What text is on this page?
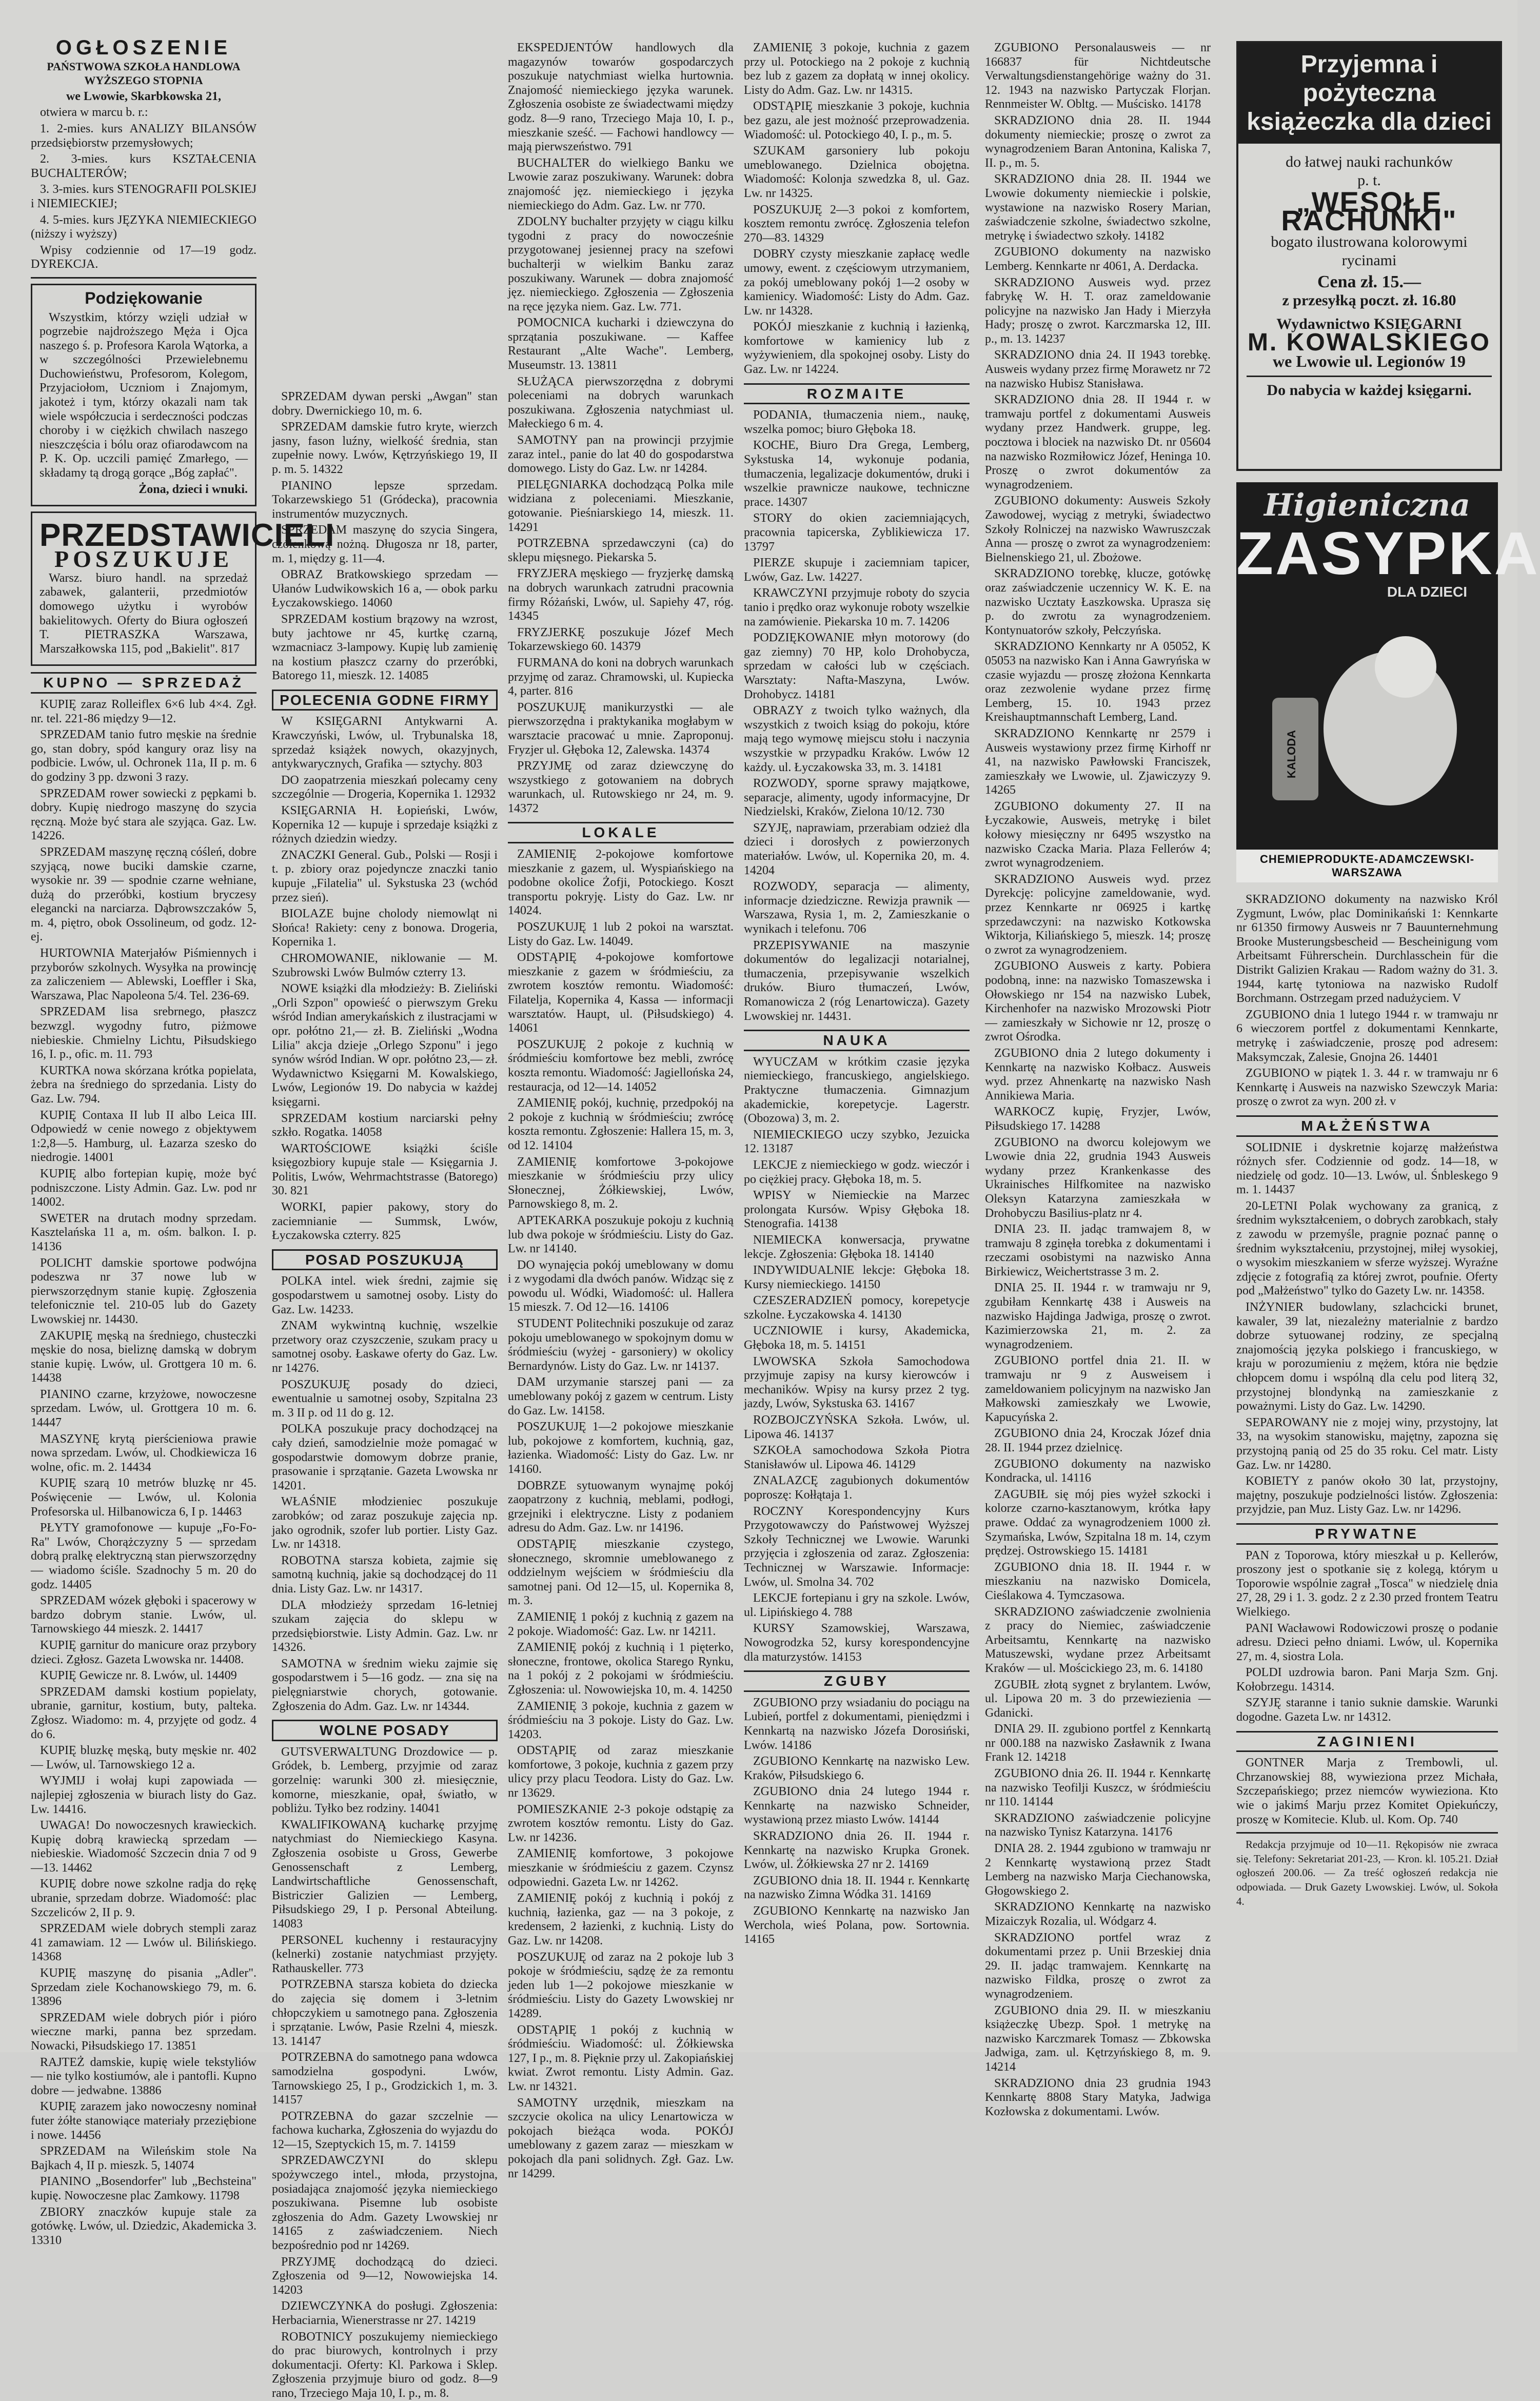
OGŁOSZENIE

PAŃSTWOWA SZKOŁA HANDLOWA WYŻSZEGO STOPNIA

we Lwowie, Skarbkowska 21,

otwiera w marcu b. r.:

1. 2-mies. kurs ANALIZY BILANSÓW przedsiębiorstw przemysłowych;

2. 3-mies. kurs KSZTAŁCENIA BUCHALTERÓW;

3. 3-mies. kurs STENOGRAFII POLSKIEJ i NIEMIECKIEJ;

4. 5-mies. kurs JĘZYKA NIEMIECKIEGO (niższy i wyższy)

Wpisy codziennie od 17—19 godz. DYREKCJA.

Podziękowanie

Wszystkim, którzy wzięli udział w pogrzebie najdroższego Męża i Ojca naszego ś. p. Profesora Karola Wątorka, a w szczególności Przewielebnemu Duchowieństwu, Profesorom, Kolegom, Przyjaciołom, Uczniom i Znajomym, jakoteż i tym, którzy okazali nam tak wiele współczucia i serdeczności podczas choroby i w ciężkich chwilach naszego nieszczęścia i bólu oraz ofiarodawcom na P. K. Op. uczcili pamięć Zmarłego, — składamy tą drogą gorące „Bóg zapłać".

Żona, dzieci i wnuki.

PRZEDSTAWICIELI
POSZUKUJE

Warsz. biuro handl. na sprzedaż zabawek, galanterii, przedmiotów domowego użytku i wyrobów bakielitowych. Oferty do Biura ogłoszeń T. PIETRASZKA Warszawa, Marszałkowska 115, pod „Bakielit". 817

KUPNO — SPRZEDAŻ

KUPIĘ zaraz Rolleiflex 6×6 lub 4×4. Zgł. nr. tel. 221-86 między 9—12.

SPRZEDAM tanio futro męskie na średnie go, stan dobry, spód kangury oraz lisy na podbicie. Lwów, ul. Ochronek 11a, II p. m. 6 do godziny 3 pp. dzwoni 3 razy.

SPRZEDAM rower sowiecki z pępkami b. dobry. Kupię niedrogo maszynę do szycia ręczną. Może być stara ale szyjąca. Gaz. Lw. 14226.

SPRZEDAM maszynę ręczną cóśleń, dobre szyjącą, nowe buciki damskie czarne, wysokie nr. 39 — spodnie czarne wełniane, dużą do przeróbki, kostium bryczesy elegancki na narciarza. Dąbrowszczaków 5, m. 4, piętro, obok Ossolineum, od godz. 12-ej.

HURTOWNIA Materjałów Piśmiennych i przyborów szkolnych. Wysyłka na prowincję za zaliczeniem — Ablewski, Loeffler i Ska, Warszawa, Plac Napoleona 5/4. Tel. 236-69.

SPRZEDAM lisa srebrnego, płaszcz bezwzgl. wygodny futro, piżmowe niebieskie. Chmielny Lichtu, Piłsudskiego 16, I. p., ofic. m. 11. 793

KURTKA nowa skórzana krótka popielata, żebra na średniego do sprzedania. Listy do Gaz. Lw. 794.

KUPIĘ Contaxa II lub II albo Leica III. Odpowiedź w cenie nowego z objektywem 1:2,8—5. Hamburg, ul. Łazarza szesko do niedrogie. 14001

KUPIĘ albo fortepian kupię, może być podniszczone. Listy Admin. Gaz. Lw. pod nr 14002.

SWETER na drutach modny sprzedam. Kasztelańska 11 a, m. ośm. balkon. I. p. 14136

POLICHT damskie sportowe podwójna podeszwa nr 37 nowe lub w pierwszorzędnym stanie kupię. Zgłoszenia telefonicznie tel. 210-05 lub do Gazety Lwowskiej nr. 14430.

ZAKUPIĘ męską na średniego, chusteczki męskie do nosa, bieliznę damską w dobrym stanie kupię. Lwów, ul. Grottgera 10 m. 6. 14438

PIANINO czarne, krzyżowe, nowoczesne sprzedam. Lwów, ul. Grottgera 10 m. 6. 14447

MASZYNĘ krytą pierścieniowa prawie nowa sprzedam. Lwów, ul. Chodkiewicza 16 wolne, ofic. m. 2. 14434

KUPIĘ szarą 10 metrów bluzkę nr 45. Poświęcenie — Lwów, ul. Kolonia Profesorska ul. Hilbanowicza 6, I p. 14463

PŁYTY gramofonowe — kupuje „Fo-Fo-Ra" Lwów, Chorążczyzny 5 — sprzedam dobrą pralkę elektryczną stan pierwszorzędny — wiadomo ściśle. Szadnochy 5 m. 20 do godz. 14405

SPRZEDAM wózek głęboki i spacerowy w bardzo dobrym stanie. Lwów, ul. Tarnowskiego 44 mieszk. 2. 14417

KUPIĘ garnitur do manicure oraz przybory dzieci. Zgłosz. Gazeta Lwowska nr. 14408.

KUPIĘ Gewicze nr. 8. Lwów, ul. 14409

SPRZEDAM damski kostium popielaty, ubranie, garnitur, kostium, buty, palteka. Zgłosz. Wiadomo: m. 4, przyjęte od godz. 4 do 6.

KUPIĘ bluzkę męską, buty męskie nr. 402 — Lwów, ul. Tarnowskiego 12 a.

WYJMIJ i wołaj kupi zapowiada — najlepiej zgłoszenia w biurach listy do Gaz. Lw. 14416.

UWAGA! Do nowoczesnych krawieckich. Kupię dobrą krawiecką sprzedam — niebieskie. Wiadomość Szczecin dnia 7 od 9—13. 14462

KUPIĘ dobre nowe szkolne radja do rękę ubranie, sprzedam dobrze. Wiadomość: plac Szczeliców 2, II p. 9.

SPRZEDAM wiele dobrych stempli zaraz 41 zamawiam. 12 — Lwów ul. Bilińskiego. 14368

KUPIĘ maszynę do pisania „Adler". Sprzedam ziele Kochanowskiego 79, m. 6. 13896

SPRZEDAM wiele dobrych piór i pióro wieczne marki, panna bez sprzedam. Nowacki, Piłsudskiego 17. 13851

RAJTEŻ damskie, kupię wiele tekstyliów — nie tylko kostiumów, ale i pantofli. Kupno dobre — jedwabne. 13886

KUPIĘ zarazem jako nowoczesny nominał futer żółte stanowiące materiały przeziębione i nowe. 14456

SPRZEDAM na Wileńskim stole Na Bajkach 4, II p. mieszk. 5, 14074

PIANINO „Bosendorfer" lub „Bechsteina" kupię. Nowoczesne plac Zamkowy. 11798

ZBIORY znaczków kupuje stale za gotówkę. Lwów, ul. Dziedzic, Akademicka 3. 13310

SPRZEDAM dywan perski „Awgan" stan dobry. Dwernickiego 10, m. 6.

SPRZEDAM damskie futro kryte, wierzch jasny, fason luźny, wielkość średnia, stan zupełnie nowy. Lwów, Kętrzyńskiego 19, II p. m. 5. 14322

PIANINO lepsze sprzedam. Tokarzewskiego 51 (Gródecka), pracownia instrumentów muzycznych.

SPRZEDAM maszynę do szycia Singera, czółenkową nożną. Długosza nr 18, parter, m. 1, między g. 11—4.

OBRAZ Bratkowskiego sprzedam — Ułanów Ludwikowskich 16 a, — obok parku Łyczakowskiego. 14060

SPRZEDAM kostium brązowy na wzrost, buty jachtowe nr 45, kurtkę czarną, wzmacniacz 3-lampowy. Kupię lub zamienię na kostium płaszcz czarny do przeróbki, Batorego 11, mieszk. 12. 14085

POLECENIA GODNE FIRMY

W KSIĘGARNI Antykwarni A. Krawczyński, Lwów, ul. Trybunalska 18, sprzedaż książek nowych, okazyjnych, antykwarycznych, Grafika — sztychy. 803

DO zaopatrzenia mieszkań polecamy ceny szczególnie — Drogeria, Kopernika 1. 12932

KSIĘGARNIA H. Łopieński, Lwów, Kopernika 12 — kupuje i sprzedaje książki z różnych dziedzin wiedzy.

ZNACZKI General. Gub., Polski — Rosji i t. p. zbiory oraz pojedyncze znaczki tanio kupuje „Filatelia" ul. Sykstuska 23 (wchód przez sień).

BIOLAZE bujne cholody niemowląt ni Słońca! Rakiety: ceny z bonowa. Drogeria, Kopernika 1.

CHROMOWANIE, niklowanie — M. Szubrowski Lwów Bulmów czterry 13.

NOWE książki dla młodzieży: B. Zieliński „Orli Szpon" opowieść o pierwszym Greku wśród Indian amerykańskich z ilustracjami w opr. połótno 21,— zł. B. Zieliński „Wodna Lilia" akcja dzieje „Orlego Szponu" i jego synów wśród Indian. W opr. połótno 23,— zł. Wydawnictwo Księgarni M. Kowalskiego, Lwów, Legionów 19. Do nabycia w każdej księgarni.

SPRZEDAM kostium narciarski pełny szkło. Rogatka. 14058

WARTOŚCIOWE książki ściśle księgozbiory kupuje stale — Księgarnia J. Politis, Lwów, Wehrmachtstrasse (Batorego) 30. 821

WORKI, papier pakowy, story do zaciemnianie — Summsk, Lwów, Łyczakowska czterry. 825

POSAD POSZUKUJĄ

POLKA intel. wiek średni, zajmie się gospodarstwem u samotnej osoby. Listy do Gaz. Lw. 14233.

ZNAM wykwintną kuchnię, wszelkie przetwory oraz czyszczenie, szukam pracy u samotnej osoby. Łaskawe oferty do Gaz. Lw. nr 14276.

POSZUKUJĘ posady do dzieci, ewentualnie u samotnej osoby, Szpitalna 23 m. 3 II p. od 11 do g. 12.

POLKA poszukuje pracy dochodzącej na cały dzień, samodzielnie może pomagać w gospodarstwie domowym dobrze pranie, prasowanie i sprzątanie. Gazeta Lwowska nr 14201.

WŁAŚNIE młodzieniec poszukuje zarobków; od zaraz poszukuje zajęcia np. jako ogrodnik, szofer lub portier. Listy Gaz. Lw. nr 14318.

ROBOTNA starsza kobieta, zajmie się samotną kuchnią, jakie są dochodzącej do 11 dnia. Listy Gaz. Lw. nr 14317.

DLA młodzieży sprzedam 16-letniej szukam zajęcia do sklepu w przedsiębiorstwie. Listy Admin. Gaz. Lw. nr 14326.

SAMOTNA w średnim wieku zajmie się gospodarstwem i 5—16 godz. — zna się na pielęgniarstwie chorych, gotowanie. Zgłoszenia do Adm. Gaz. Lw. nr 14344.

WOLNE POSADY

GUTSVERWALTUNG Drozdowice — p. Gródek, b. Lemberg, przyjmie od zaraz gorzelnię: warunki 300 zł. miesięcznie, komorne, mieszkanie, opał, światło, w pobliżu. Tyłko bez rodziny. 14041

KWALIFIKOWANĄ kucharkę przyjmę natychmiast do Niemieckiego Kasyna. Zgłoszenia osobiste u Gross, Gewerbe Genossenschaft z Lemberg, Landwirtschaftliche Genossenschaft, Bistriczier Galizien — Lemberg, Piłsudskiego 29, I p. Personal Abteilung. 14083

PERSONEL kuchenny i restauracyjny (kelnerki) zostanie natychmiast przyjęty. Rathauskeller. 773

POTRZEBNA starsza kobieta do dziecka do zajęcia się domem i 3-letnim chłopczykiem u samotnego pana. Zgłoszenia i sprzątanie. Lwów, Pasie Rzelni 4, mieszk. 13. 14147

POTRZEBNA do samotnego pana wdowca samodzielna gospodyni. Lwów, Tarnowskiego 25, I p., Grodzickich 1, m. 3. 14157

POTRZEBNA do gazar szczelnie — fachowa kucharka, Zgłoszenia do wyjazdu do 12—15, Szeptyckich 15, m. 7. 14159

SPRZEDAWCZYNI do sklepu spożywczego intel., młoda, przystojna, posiadająca znajomość języka niemieckiego poszukiwana. Pisemne lub osobiste zgłoszenia do Adm. Gazety Lwowskiej nr 14165 z zaświadczeniem. Niech bezpośrednio pod nr 14269.

PRZYJMĘ dochodzącą do dzieci. Zgłoszenia od 9—12, Nowowiejska 14. 14203

DZIEWCZYNKA do posługi. Zgłoszenia: Herbaciarnia, Wienerstrasse nr 27. 14219

ROBOTNICY poszukujemy niemieckiego do prac biurowych, kontrolnych i przy dokumentacji. Oferty: Kl. Parkowa i Sklep. Zgłoszenia przyjmuje biuro od godz. 8—9 rano, Trzeciego Maja 10, I. p., m. 8.

EKSPEDJENTÓW handlowych dla magazynów towarów gospodarczych poszukuje natychmiast wielka hurtownia. Znajomość niemieckiego języka warunek. Zgłoszenia osobiste ze świadectwami między godz. 8—9 rano, Trzeciego Maja 10, I. p., mieszkanie sześć. — Fachowi handlowcy — mają pierwszeństwo. 791

BUCHALTER do wielkiego Banku we Lwowie zaraz poszukiwany. Warunek: dobra znajomość jęz. niemieckiego i języka niemieckiego do Adm. Gaz. Lw. nr 770.

ZDOLNY buchalter przyjęty w ciągu kilku tygodni z pracy do nowocześnie przygotowanej jesiennej pracy na szefowi buchalterji w wielkim Banku zaraz poszukiwany. Warunek — dobra znajomość jęz. niemieckiego. Zgłoszenia — Zgłoszenia na ręce języka niem. Gaz. Lw. 771.

POMOCNICA kucharki i dziewczyna do sprzątania poszukiwane. — Kaffee Restaurant „Alte Wache". Lemberg, Museumstr. 13. 13811

SŁUŻĄCA pierwszorzędna z dobrymi poleceniami na dobrych warunkach poszukiwana. Zgłoszenia natychmiast ul. Małeckiego 6 m. 4.

SAMOTNY pan na prowincji przyjmie zaraz intel., panie do lat 40 do gospodarstwa domowego. Listy do Gaz. Lw. nr 14284.

PIELĘGNIARKA dochodzącą Polka mile widziana z poleceniami. Mieszkanie, gotowanie. Pieśniarskiego 14, mieszk. 11. 14291

POTRZEBNA sprzedawczyni (ca) do sklepu mięsnego. Piekarska 5.

FRYZJERA męskiego — fryzjerkę damską na dobrych warunkach zatrudni pracownia firmy Różański, Lwów, ul. Sapiehy 47, róg. 14345

FRYZJERKĘ poszukuje Józef Mech Tokarzewskiego 60. 14379

FURMANA do koni na dobrych warunkach przyjmę od zaraz. Chramowski, ul. Kupiecka 4, parter. 816

POSZUKUJĘ manikurzystki — ale pierwszorzędna i praktykanika mogłabym w warsztacie pracować u mnie. Zaproponuj. Fryzjer ul. Głęboka 12, Zalewska. 14374

PRZYJMĘ od zaraz dziewczynę do wszystkiego z gotowaniem na dobrych warunkach, ul. Rutowskiego nr 24, m. 9. 14372

LOKALE

ZAMIENIĘ 2-pokojowe komfortowe mieszkanie z gazem, ul. Wyspiańskiego na podobne okolice Żofji, Potockiego. Koszt transportu pokryję. Listy do Gaz. Lw. nr 14024.

POSZUKUJĘ 1 lub 2 pokoi na warsztat. Listy do Gaz. Lw. 14049.

ODSTĄPIĘ 4-pokojowe komfortowe mieszkanie z gazem w śródmieściu, za zwrotem kosztów remontu. Wiadomość: Filatelja, Kopernika 4, Kassa — informacji warsztatów. Haupt, ul. (Piłsudskiego) 4. 14061

POSZUKUJĘ 2 pokoje z kuchnią w śródmieściu komfortowe bez mebli, zwrócę koszta remontu. Wiadomość: Jagiellońska 24, restauracja, od 12—14. 14052

ZAMIENIĘ pokój, kuchnię, przedpokój na 2 pokoje z kuchnią w śródmieściu; zwrócę koszta remontu. Zgłoszenie: Hallera 15, m. 3, od 12. 14104

ZAMIENIĘ komfortowe 3-pokojowe mieszkanie w śródmieściu przy ulicy Słonecznej, Żółkiewskiej, Lwów, Parnowskiego 8, m. 2.

APTEKARKA poszukuje pokoju z kuchnią lub dwa pokoje w śródmieściu. Listy do Gaz. Lw. nr 14140.

DO wynajęcia pokój umeblowany w domu i z wygodami dla dwóch panów. Widząc się z powodu ul. Wódki, Wiadomość: ul. Hallera 15 mieszk. 7. Od 12—16. 14106

STUDENT Politechniki poszukuje od zaraz pokoju umeblowanego w spokojnym domu w śródmieściu (wyżej - garsoniery) w okolicy Bernardynów. Listy do Gaz. Lw. nr 14137.

DAM urzymanie starszej pani — za umeblowany pokój z gazem w centrum. Listy do Gaz. Lw. 14158.

POSZUKUJĘ 1—2 pokojowe mieszkanie lub, pokojowe z komfortem, kuchnią, gaz, łazienka. Wiadomość: Listy do Gaz. Lw. nr 14160.

DOBRZE sytuowanym wynajmę pokój zaopatrzony z kuchnią, meblami, podłogi, grzejniki i elektryczne. Listy z podaniem adresu do Adm. Gaz. Lw. nr 14196.

ODSTĄPIĘ mieszkanie czystego, słonecznego, skromnie umeblowanego z oddzielnym wejściem w śródmieściu dla samotnej pani. Od 12—15, ul. Kopernika 8, m. 3.

ZAMIENIĘ 1 pokój z kuchnią z gazem na 2 pokoje. Wiadomość: Gaz. Lw. nr 14211.

ZAMIENIĘ pokój z kuchnią i 1 pięterko, słoneczne, frontowe, okolica Starego Rynku, na 1 pokój z 2 pokojami w śródmieściu. Zgłoszenia: ul. Nowowiejska 10, m. 4. 14250

ZAMIENIĘ 3 pokoje, kuchnia z gazem w śródmieściu na 3 pokoje. Listy do Gaz. Lw. 14203.

ODSTĄPIĘ od zaraz mieszkanie komfortowe, 3 pokoje, kuchnia z gazem przy ulicy przy placu Teodora. Listy do Gaz. Lw. nr 13629.

POMIESZKANIE 2-3 pokoje odstąpię za zwrotem kosztów remontu. Listy do Gaz. Lw. nr 14236.

ZAMIENIĘ komfortowe, 3 pokojowe mieszkanie w śródmieściu z gazem. Czynsz odpowiedni. Gazeta Lw. nr 14262.

ZAMIENIĘ pokój z kuchnią i pokój z kuchnią, łazienka, gaz — na 3 pokoje, z kredensem, 2 łazienki, z kuchnią. Listy do Gaz. Lw. nr 14208.

POSZUKUJĘ od zaraz na 2 pokoje lub 3 pokoje w śródmieściu, sądzę że za remontu jeden lub 1—2 pokojowe mieszkanie w śródmieściu. Listy do Gazety Lwowskiej nr 14289.

ODSTĄPIĘ 1 pokój z kuchnią w śródmieściu. Wiadomość: ul. Żółkiewska 127, I p., m. 8. Pięknie przy ul. Zakopiańskiej kwiat. Zwrot remontu. Listy Admin. Gaz. Lw. nr 14321.

SAMOTNY urzędnik, mieszkam na szczycie okolica na ulicy Lenartowicza w pokojach bieżąca woda. POKÓJ umeblowany z gazem zaraz — mieszkam w pokojach dla pani solidnych. Zgł. Gaz. Lw. nr 14299.

ZAMIENIĘ 3 pokoje, kuchnia z gazem przy ul. Potockiego na 2 pokoje z kuchnią bez lub z gazem za dopłatą w innej okolicy. Listy do Adm. Gaz. Lw. nr 14315.

ODSTĄPIĘ mieszkanie 3 pokoje, kuchnia bez gazu, ale jest możność przeprowadzenia. Wiadomość: ul. Potockiego 40, I. p., m. 5.

SZUKAM garsoniery lub pokoju umeblowanego. Dzielnica obojętna. Wiadomość: Kolonja szwedzka 8, ul. Gaz. Lw. nr 14325.

POSZUKUJĘ 2—3 pokoi z komfortem, kosztem remontu zwrócę. Zgłoszenia telefon 270—83. 14329

DOBRY czysty mieszkanie zapłacę wedle umowy, ewent. z częściowym utrzymaniem, za pokój umeblowany pokój 1—2 osoby w kamienicy. Wiadomość: Listy do Adm. Gaz. Lw. nr 14328.

POKÓJ mieszkanie z kuchnią i łazienką, komfortowe w kamienicy lub z wyżywieniem, dla spokojnej osoby. Listy do Gaz. Lw. nr 14224.

ROZMAITE

PODANIA, tłumaczenia niem., naukę, wszelka pomoc; biuro Głęboka 18.

KOCHE, Biuro Dra Grega, Lemberg, Sykstuska 14, wykonuje podania, tłumaczenia, legalizacje dokumentów, druki i wszelkie prawnicze naukowe, techniczne prace. 14307

STORY do okien zaciemniających, pracownia tapicerska, Zyblikiewicza 17. 13797

PIERZE skupuje i zaciemniam tapicer, Lwów, Gaz. Lw. 14227.

KRAWCZYNI przyjmuje roboty do szycia tanio i prędko oraz wykonuje roboty wszelkie na zamówienie. Piekarska 10 m. 7. 14206

PODZIĘKOWANIE młyn motorowy (do gaz ziemny) 70 HP, kolo Drohobycza, sprzedam w całości lub w częściach. Warsztaty: Nafta-Maszyna, Lwów. Drohobycz. 14181

OBRAZY z twoich tylko ważnych, dla wszystkich z twoich ksiąg do pokoju, które mają tego wymowę miejscu stołu i naczynia wszystkie w przypadku Kraków. Lwów 12 każdy. ul. Łyczakowska 33, m. 3. 14181

ROZWODY, sporne sprawy majątkowe, separacje, alimenty, ugody informacyjne, Dr Niedzielski, Kraków, Zielona 10/12. 730

SZYJĘ, naprawiam, przerabiam odzież dla dzieci i dorosłych z powierzonych materiałów. Lwów, ul. Kopernika 20, m. 4. 14204

ROZWODY, separacja — alimenty, informacje dziedziczne. Rewizja prawnik — Warszawa, Rysia 1, m. 2, Zamieszkanie o wynikach i telefonu. 706

PRZEPISYWANIE na maszynie dokumentów do legalizacji notarialnej, tłumaczenia, przepisywanie wszelkich druków. Biuro tłumaczeń, Lwów, Romanowicza 2 (róg Lenartowicza). Gazety Lwowskiej nr. 14431.

NAUKA

WYUCZAM w krótkim czasie języka niemieckiego, francuskiego, angielskiego. Praktyczne tłumaczenia. Gimnazjum akademickie, korepetycje. Lagerstr. (Obozowa) 3, m. 2.

NIEMIECKIEGO uczy szybko, Jezuicka 12. 13187

LEKCJE z niemieckiego w godz. wieczór i po ciężkiej pracy. Głęboka 18, m. 5.

WPISY w Niemieckie na Marzec prolongata Kursów. Wpisy Głęboka 18. Stenografia. 14138

NIEMIECKA konwersacja, prywatne lekcje. Zgłoszenia: Głęboka 18. 14140

INDYWIDUALNIE lekcje: Głęboka 18. Kursy niemieckiego. 14150

CZESZERADZIEŃ pomocy, korepetycje szkolne. Łyczakowska 4. 14130

UCZNIOWIE i kursy, Akademicka, Głęboka 18, m. 5. 14151

LWOWSKA Szkoła Samochodowa przyjmuje zapisy na kursy kierowców i mechaników. Wpisy na kursy przez 2 tyg. jazdy, Lwów, Sykstuska 63. 14167

ROZBOJCZYŃSKA Szkoła. Lwów, ul. Lipowa 46. 14137

SZKOŁA samochodowa Szkoła Piotra Stanisławów ul. Lipowa 46. 14129

ZNALAZCĘ zagubionych dokumentów poproszę: Kołłątaja 1.

ROCZNY Korespondencyjny Kurs Przygotowawczy do Państwowej Wyższej Szkoły Technicznej we Lwowie. Warunki przyjęcia i zgłoszenia od zaraz. Zgłoszenia: Technicznej w Warszawie. Informacje: Lwów, ul. Smolna 34. 702

LEKCJE fortepianu i gry na szkole. Lwów, ul. Lipińskiego 4. 788

KURSY Szamowskiej, Warszawa, Nowogrodzka 52, kursy korespondencyjne dla maturzystów. 14153

ZGUBY

ZGUBIONO przy wsiadaniu do pociągu na Lubień, portfel z dokumentami, pieniędzmi i Kennkartą na nazwisko Józefa Dorosiński, Lwów. 14186

ZGUBIONO Kennkartę na nazwisko Lew. Kraków, Piłsudskiego 6.

ZGUBIONO dnia 24 lutego 1944 r. Kennkartę na nazwisko Schneider, wystawioną przez miasto Lwów. 14144

SKRADZIONO dnia 26. II. 1944 r. Kennkartę na nazwisko Krupka Gronek. Lwów, ul. Żółkiewska 27 nr 2. 14169

ZGUBIONO dnia 18. II. 1944 r. Kennkartę na nazwisko Zimna Wódka 31. 14169

ZGUBIONO Kennkartę na nazwisko Jan Werchola, wieś Polana, pow. Sortownia. 14165

ZGUBIONO Personalausweis — nr 166837 für Nichtdeutsche Verwaltungsdienstangehörige ważny do 31. 12. 1943 na nazwisko Partyczak Florjan. Rennmeister W. Obltg. — Muścisko. 14178

SKRADZIONO dnia 28. II. 1944 dokumenty niemieckie; proszę o zwrot za wynagrodzeniem Baran Antonina, Kaliska 7, II. p., m. 5.

SKRADZIONO dnia 28. II. 1944 we Lwowie dokumenty niemieckie i polskie, wystawione na nazwisko Rosery Marian, zaświadczenie szkolne, świadectwo szkolne, metrykę i świadectwo szkoły. 14182

ZGUBIONO dokumenty na nazwisko Lemberg. Kennkarte nr 4061, A. Derdacka.

SKRADZIONO Ausweis wyd. przez fabrykę W. H. T. oraz zameldowanie policyjne na nazwisko Jan Hady i Mierzyła Hady; proszę o zwrot. Karczmarska 12, III. p., m. 13. 14237

SKRADZIONO dnia 24. II 1943 torebkę. Ausweis wydany przez firmę Morawetz nr 72 na nazwisko Hubisz Stanisława.

SKRADZIONO dnia 28. II 1944 r. w tramwaju portfel z dokumentami Ausweis wydany przez Handwerk. gruppe, leg. pocztowa i blociek na nazwisko Dt. nr 05604 na nazwisko Rozmiłowicz Józef, Heninga 10. Proszę o zwrot dokumentów za wynagrodzeniem.

ZGUBIONO dokumenty: Ausweis Szkoły Zawodowej, wyciąg z metryki, świadectwo Szkoły Rolniczej na nazwisko Wawruszczak Anna — proszę o zwrot za wynagrodzeniem: Bielnenskiego 21, ul. Zbożowe.

SKRADZIONO torebkę, klucze, gotówkę oraz zaświadczenie uczennicy W. K. E. na nazwisko Ucztaty Łaszkowska. Uprasza się p. do zwrotu za wynagrodzeniem. Kontynuatorów szkoły, Pełczyńska.

SKRADZIONO Kennkarty nr A 05052, K 05053 na nazwisko Kan i Anna Gawryńska w czasie wyjazdu — proszę złożona Kennkarta oraz zezwolenie wydane przez firmę Lemberg, 15. 10. 1943 przez Kreishauptmannschaft Lemberg, Land.

SKRADZIONO Kennkartę nr 2579 i Ausweis wystawiony przez firmę Kirhoff nr 41, na nazwisko Pawłowski Franciszek, zamieszkały we Lwowie, ul. Zjawiczyzy 9. 14265

ZGUBIONO dokumenty 27. II na Łyczakowie, Ausweis, metrykę i bilet kołowy miesięczny nr 6495 wszystko na nazwisko Czacka Maria. Plaza Fellerów 4; zwrot wynagrodzeniem.

SKRADZIONO Ausweis wyd. przez Dyrekcję: policyjne zameldowanie, wyd. przez Kennkarte nr 06925 i kartkę sprzedawczyni: na nazwisko Kotkowska Wiktorja, Kiliańskiego 5, mieszk. 14; proszę o zwrot za wynagrodzeniem.

ZGUBIONO Ausweis z karty. Pobiera podobną, inne: na nazwisko Tomaszewska i Ołowskiego nr 154 na nazwisko Lubek, Kirchenhofer na nazwisko Mrozowski Piotr — zamieszkały w Sichowie nr 12, proszę o zwrot Ośrodka.

ZGUBIONO dnia 2 lutego dokumenty i Kennkartę na nazwisko Kołbacz. Ausweis wyd. przez Ahnenkartę na nazwisko Nash Annikiewa Maria.

WARKOCZ kupię, Fryzjer, Lwów, Piłsudskiego 17. 14288

ZGUBIONO na dworcu kolejowym we Lwowie dnia 22, grudnia 1943 Ausweis wydany przez Krankenkasse des Ukrainisches Hilfkomitee na nazwisko Oleksyn Katarzyna zamieszkała w Drohobyczu Basilius-platz nr 4.

DNIA 23. II. jadąc tramwajem 8, w tramwaju 8 zginęła torebka z dokumentami i rzeczami osobistymi na nazwisko Anna Birkiewicz, Weichertstrasse 3 m. 2.

DNIA 25. II. 1944 r. w tramwaju nr 9, zgubiłam Kennkartę 438 i Ausweis na nazwisko Hajdinga Jadwiga, proszę o zwrot. Kazimierzowska 21, m. 2. za wynagrodzeniem.

ZGUBIONO portfel dnia 21. II. w tramwaju nr 9 z Ausweisem i zameldowaniem policyjnym na nazwisko Jan Małkowski zamieszkały we Lwowie, Kapucyńska 2.

ZGUBIONO dnia 24, Kroczak Józef dnia 28. II. 1944 przez dzielnicę.

ZGUBIONO dokumenty na nazwisko Kondracka, ul. 14116

ZAGUBIŁ się mój pies wyżeł szkocki i kolorze czarno-kasztanowym, krótka łapy prawe. Oddać za wynagrodzeniem 1000 zł. Szymańska, Lwów, Szpitalna 18 m. 14, czym prędzej. Ostrowskiego 15. 14181

ZGUBIONO dnia 18. II. 1944 r. w mieszkaniu na nazwisko Domicela, Cieślakowa 4. Tymczasowa.

SKRADZIONO zaświadczenie zwolnienia z pracy do Niemiec, zaświadczenie Arbeitsamtu, Kennkartę na nazwisko Matuszewski, wydane przez Arbeitsamt Kraków — ul. Mościckiego 23, m. 6. 14180

ZGUBIŁ złotą sygnet z brylantem. Lwów, ul. Lipowa 20 m. 3 do przewiezienia — Gdanicki.

DNIA 29. II. zgubiono portfel z Kennkartą nr 000.188 na nazwisko Zasławnik z Iwana Frank 12. 14218

ZGUBIONO dnia 26. II. 1944 r. Kennkartę na nazwisko Teofilji Kuszcz, w śródmieściu nr 110. 14144

SKRADZIONO zaświadczenie policyjne na nazwisko Tynisz Katarzyna. 14176

DNIA 28. 2. 1944 zgubiono w tramwaju nr 2 Kennkartę wystawioną przez Stadt Lemberg na nazwisko Marja Ciechanowska, Głogowskiego 2.

SKRADZIONO Kennkartę na nazwisko Mizaiczyk Rozalia, ul. Wódgarz 4.

SKRADZIONO portfel wraz z dokumentami przez p. Unii Brzeskiej dnia 29. II. jadąc tramwajem. Kennkartę na nazwisko Fildka, proszę o zwrot za wynagrodzeniem.

ZGUBIONO dnia 29. II. w mieszkaniu książeczkę Ubezp. Społ. 1 metrykę na nazwisko Karczmarek Tomasz — Zbkowska Jadwiga, zam. ul. Kętrzyńskiego 8, m. 9. 14214

SKRADZIONO dnia 23 grudnia 1943 Kennkartę 8808 Stary Matyka, Jadwiga Kozłowska z dokumentami. Lwów.

Przyjemna i pożyteczna książeczka dla dzieci
do łatwej nauki rachunków
p. t.
„WESOŁE RACHUNKI"
bogato ilustrowana kolorowymi rycinami
Cena zł. 15.—
z przesyłką poczt. zł. 16.80
Wydawnictwo KSIĘGARNI
M. KOWALSKIEGO
we Lwowie ul. Legionów 19
Do nabycia w każdej księgarni.
Higieniczna
ZASYPKA
DLA DZIECI
KALODA
CHEMIEPRODUKTE-ADAMCZEWSKI-WARSZAWA

SKRADZIONO dokumenty na nazwisko Król Zygmunt, Lwów, plac Dominikański 1: Kennkarte nr 61350 firmowy Ausweis nr 7 Bauunternehmung Brooke Musterungsbescheid — Bescheinigung vom Arbeitsamt Führerschein. Durchlasschein für die Distrikt Galizien Krakau — Radom ważny do 31. 3. 1944, kartę tytoniowa na nazwisko Rudolf Borchmann. Ostrzegam przed nadużyciem. V

ZGUBIONO dnia 1 lutego 1944 r. w tramwaju nr 6 wieczorem portfel z dokumentami Kennkarte, metrykę i zaświadczenie, proszę pod adresem: Maksymczak, Zalesie, Gnojna 26. 14401

ZGUBIONO w piątek 1. 3. 44 r. w tramwaju nr 6 Kennkartę i Ausweis na nazwisko Szewczyk Maria: proszę o zwrot za wyn. 200 zł. v

MAŁŻEŃSTWA

SOLIDNIE i dyskretnie kojarzę małżeństwa różnych sfer. Codziennie od godz. 14—18, w niedzielę od godz. 10—13. Lwów, ul. Śnbleskego 9 m. 1. 14437

20-LETNI Polak wychowany za granicą, z średnim wykształceniem, o dobrych zarobkach, stały z zawodu w przemyśle, pragnie poznać pannę o średnim wykształceniu, przystojnej, miłej wysokiej, o wysokim mieszkaniem w sferze wyższej. Wyraźne zdjęcie z fotografią za której zwrot, poufnie. Oferty pod „Małżeństwo" tylko do Gazety Lw. nr. 14358.

INŻYNIER budowlany, szlachcicki brunet, kawaler, 39 lat, niezależny materialnie z bardzo dobrze sytuowanej rodziny, ze specjalną znajomością języka polskiego i francuskiego, w kraju w porozumieniu z mężem, która nie będzie chłopcem domu i wspólną dla celu pod literą 32, przystojnej blondynką na zamieszkanie z poważnymi. Listy do Gaz. Lw. 14290.

SEPAROWANY nie z mojej winy, przystojny, lat 33, na wysokim stanowisku, majętny, zapozna się przystojną panią od 25 do 35 roku. Cel matr. Listy Gaz. Lw. nr 14280.

KOBIETY z panów około 30 lat, przystojny, majętny, poszukuje podzielności listów. Zgłoszenia: przyjdzie, pan Muz. Listy Gaz. Lw. nr 14296.

PRYWATNE

PAN z Toporowa, który mieszkał u p. Kellerów, proszony jest o spotkanie się z kolegą, którym u Toporowie wspólnie zagrał „Tosca" w niedzielę dnia 27, 28, 29 i 1. 3. godz. 2 z 2.30 przed frontem Teatru Wielkiego.

PANI Wacławowi Rodowiczowi proszę o podanie adresu. Dzieci pełno dniami. Lwów, ul. Kopernika 27, m. 4, siostra Lola.

POLDI uzdrowia baron. Pani Marja Szm. Gnj. Kołobrzegu. 14314.

SZYJĘ staranne i tanio suknie damskie. Warunki dogodne. Gazeta Lw. nr 14312.

ZAGINIENI

GONTNER Marja z Trembowli, ul. Chrzanowskiej 88, wywieziona przez Michała, Szczepańskiego; przez niemców wywieziona. Kto wie o jakimś Marju przez Komitet Opiekuńczy, proszę w Komitecie. Klub. ul. Kom. Op. 740

Redakcja przyjmuje od 10—11. Rękopisów nie zwraca się. Telefony: Sekretariat 201-23, — Kron. kl. 105.21. Dział ogłoszeń 200.06. — Za treść ogłoszeń redakcja nie odpowiada. — Druk Gazety Lwowskiej. Lwów, ul. Sokoła 4.
